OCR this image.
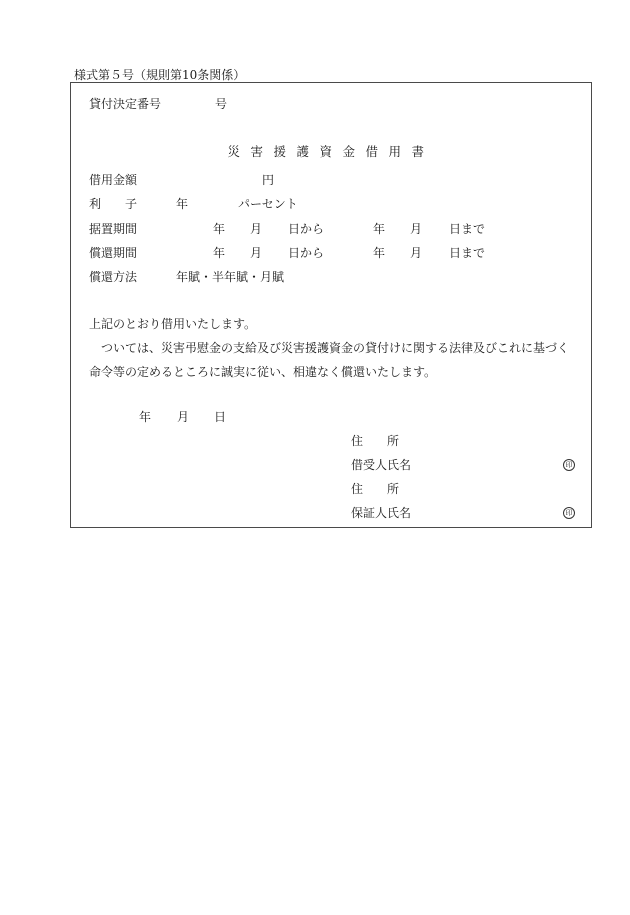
様式第５号（規則第10条関係）
貸付決定番号	号
災害援護資金借用書
借用金額	円
利　　子	年	パーセント
据置期間	年 月 日から	年 月 日まで
償還期間	年 月 日から	年 月 日まで
償還方法	年賦・半年賦・月賦
上記のとおり借用いたします。
ついては、災害弔慰金の支給及び災害援護資金の貸付けに関する法律及びこれに基づく命令等の定めるところに誠実に従い、相違なく償還いたします。
年 月 日
住　　所
借受人氏名	印
住　　所
保証人氏名	印
